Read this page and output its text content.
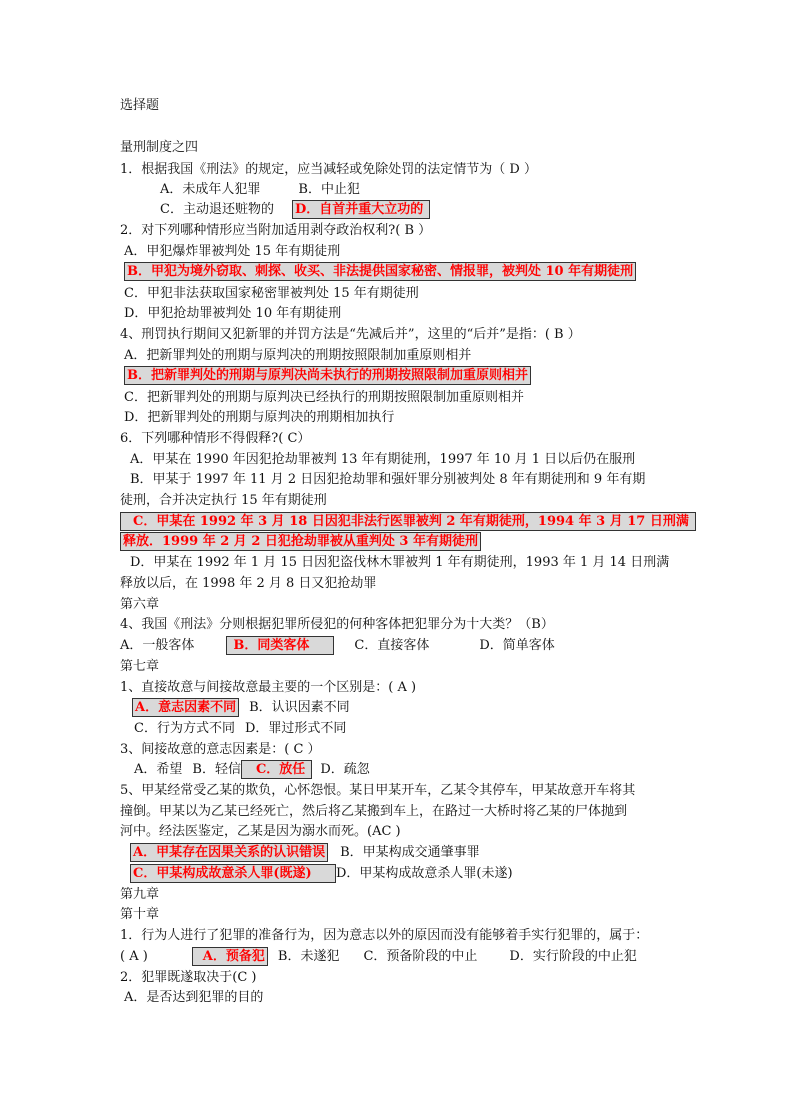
选择题
量刑制度之四
1．根据我国《刑法》的规定，应当减轻或免除处罚的法定情节为（ D ）
A．未成年人犯罪	B．中止犯
C．主动退还赃物的 D．自首并重大立功的
2．对下列哪种情形应当附加适用剥夺政治权利?( B ）
A．甲犯爆炸罪被判处 15 年有期徒刑
B．甲犯为境外窃取、刺探、收买、非法提供国家秘密、情报罪，被判处 10 年有期徒刑
C．甲犯非法获取国家秘密罪被判处 15 年有期徒刑
D．甲犯抢劫罪被判处 10 年有期徒刑
4、刑罚执行期间又犯新罪的并罚方法是“先减后并”，这里的“后并”是指：( B ）
A．把新罪判处的刑期与原判决的刑期按照限制加重原则相并
B．把新罪判处的刑期与原判决尚未执行的刑期按照限制加重原则相并
C．把新罪判处的刑期与原判决已经执行的刑期按照限制加重原则相并
D．把新罪判处的刑期与原判决的刑期相加执行
6．下列哪种情形不得假释?( C）
A．甲某在 1990 年因犯抢劫罪被判 13 年有期徒刑，1997 年 10 月 1 日以后仍在服刑
B．甲某于 1997 年 11 月 2 日因犯抢劫罪和强奸罪分别被判处 8 年有期徒刑和 9 年有期
徒刑，合并决定执行 15 年有期徒刑
C．甲某在 1992 年 3 月 18 日因犯非法行医罪被判 2 年有期徒刑，1994 年 3 月 17 日刑满
释放．1999 年 2 月 2 日犯抢劫罪被从重判处 3 年有期徒刑
D．甲某在 1992 年 1 月 15 日因犯盗伐林木罪被判 1 年有期徒刑，1993 年 1 月 14 日刑满
释放以后，在 1998 年 2 月 8 日又犯抢劫罪
第六章
4、我国《刑法》分则根据犯罪所侵犯的何种客体把犯罪分为十大类？（B）
A．一般客体	B．同类客体	C．直接客体	D．简单客体
第七章
1、直接故意与间接故意最主要的一个区别是：( A )
A．意志因素不同 B．认识因素不同
C．行为方式不同 D．罪过形式不同
3、间接故意的意志因素是：( C ）
A．希望 B．轻信 C．放任 D．疏忽
5、甲某经常受乙某的欺负，心怀怨恨。某日甲某开车，乙某令其停车，甲某故意开车将其
撞倒。甲某以为乙某已经死亡，然后将乙某搬到车上，在路过一大桥时将乙某的尸体抛到
河中。经法医鉴定，乙某是因为溺水而死。(AC )
A．甲某存在因果关系的认识错误 B．甲某构成交通肇事罪
C．甲某构成故意杀人罪(既遂) D．甲某构成故意杀人罪(未遂)
第九章
第十章
1．行为人进行了犯罪的准备行为，因为意志以外的原因而没有能够着手实行犯罪的，属于：
( A )	A．预备犯 B．未遂犯 C．预备阶段的中止 D．实行阶段的中止犯
2．犯罪既遂取决于(C )
A．是否达到犯罪的目的
